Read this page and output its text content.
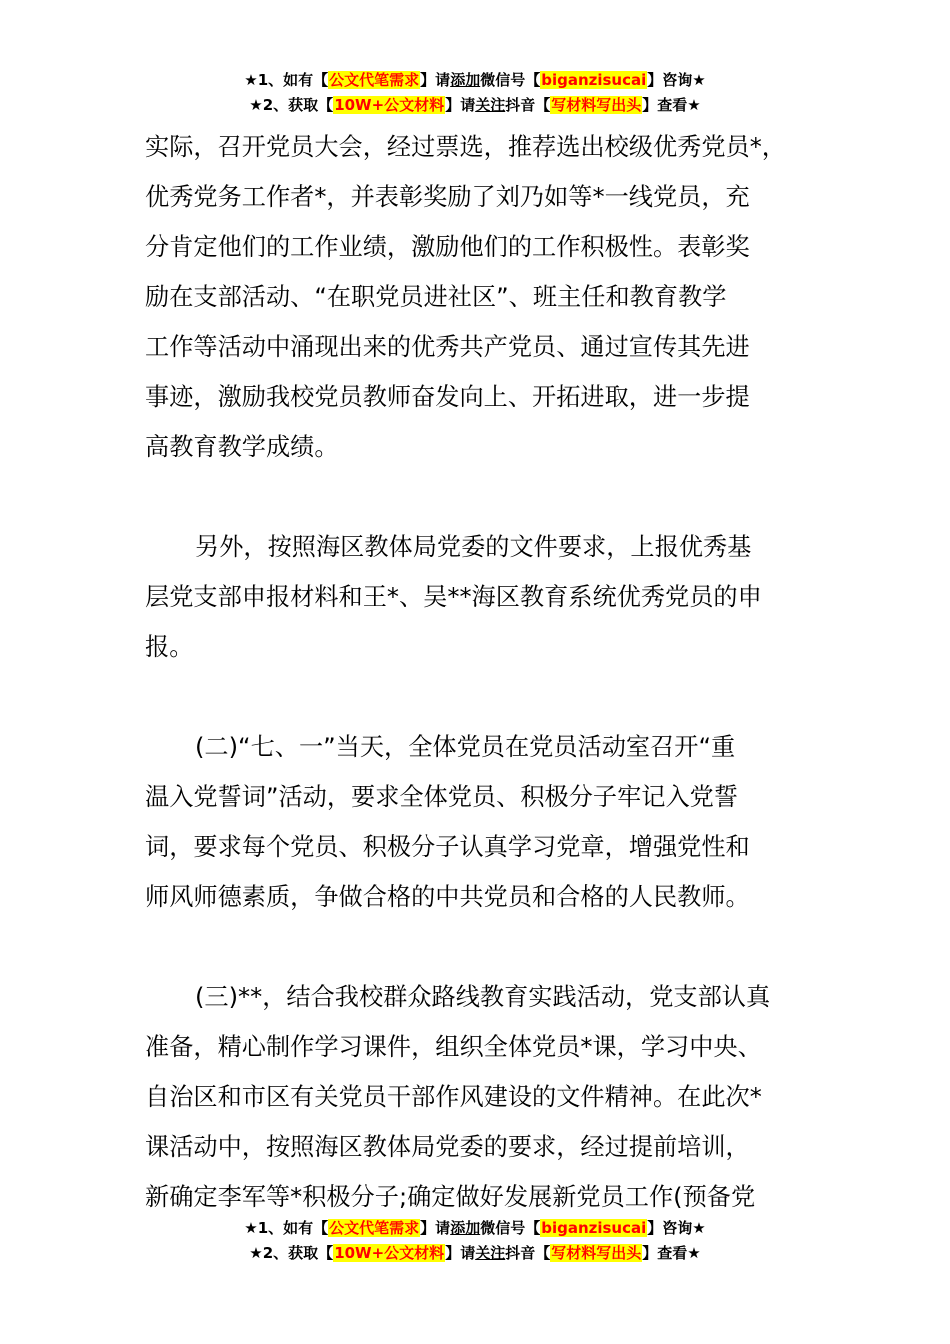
★1、如有【公文代笔需求】请添加微信号【biganzisucai】咨询★
★2、获取【10W+公文材料】请关注抖音【写材料写出头】查看★
实际，召开党员大会，经过票选，推荐选出校级优秀党员*，
优秀党务工作者*，并表彰奖励了刘乃如等*一线党员，充
分肯定他们的工作业绩，激励他们的工作积极性。表彰奖
励在支部活动、“在职党员进社区”、班主任和教育教学
工作等活动中涌现出来的优秀共产党员、通过宣传其先进
事迹，激励我校党员教师奋发向上、开拓进取，进一步提
高教育教学成绩。
另外，按照海区教体局党委的文件要求，上报优秀基
层党支部申报材料和王*、吴**海区教育系统优秀党员的申
报。
(二)“七、一”当天，全体党员在党员活动室召开“重
温入党誓词”活动，要求全体党员、积极分子牢记入党誓
词，要求每个党员、积极分子认真学习党章，增强党性和
师风师德素质，争做合格的中共党员和合格的人民教师。
(三)**，结合我校群众路线教育实践活动，党支部认真
准备，精心制作学习课件，组织全体党员*课，学习中央、
自治区和市区有关党员干部作风建设的文件精神。在此次*
课活动中，按照海区教体局党委的要求，经过提前培训，
新确定李军等*积极分子;确定做好发展新党员工作(预备党
★1、如有【公文代笔需求】请添加微信号【biganzisucai】咨询★
★2、获取【10W+公文材料】请关注抖音【写材料写出头】查看★
